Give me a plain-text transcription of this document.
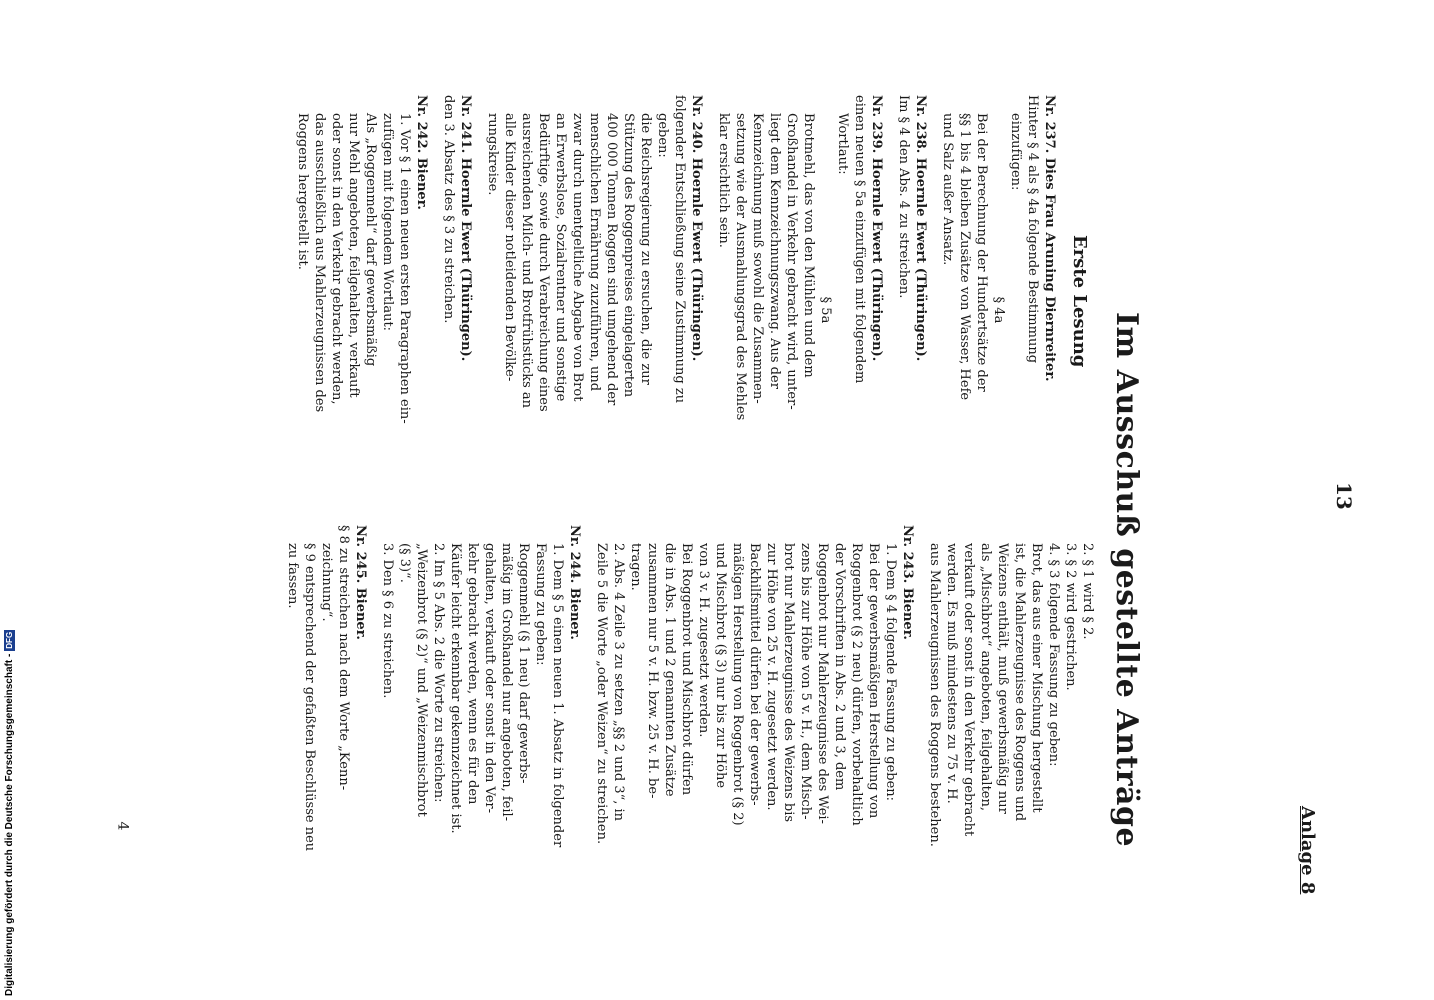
Digitalisierung gefördert durch die Deutsche Forschungsgemeinschaft -DFG
13
Anlage 8
Im Ausschuß gestellte Anträge
Erste Lesung
Nr. 237. Dies Frau Aruning Diernreiter.
Hinter § 4 als § 4a folgende Bestimmung
einzufügen:
§ 4a
Bei der Berechnung der Hundertsätze der
§§ 1 bis 4 bleiben Zusätze von Wasser, Hefe
und Salz außer Ansatz.
Nr. 238. Hoernle Ewert (Thüringen).
Im § 4 den Abs. 4 zu streichen.
Nr. 239. Hoernle Ewert (Thüringen).
einen neuen § 5a einzufügen mit folgendem
Wortlaut:
§ 5a
Brotmehl, das von den Mühlen und dem
Großhandel in Verkehr gebracht wird, unter-
liegt dem Kennzeichnungszwang. Aus der
Kennzeichnung muß sowohl die Zusammen-
setzung wie der Ausmahlungsgrad des Mehles
klar ersichtlich sein.
Nr. 240. Hoernle Ewert (Thüringen).
folgender Entschließung seine Zustimmung zu
geben:
die Reichsregierung zu ersuchen, die zur
Stützung des Roggenpreises eingelagerten
400 000 Tonnen Roggen sind umgehend der
menschlichen Ernährung zuzuführen, und
zwar durch unentgeltliche Abgabe von Brot
an Erwerbslose, Sozialrentner und sonstige
Bedürftige, sowie durch Verabreichung eines
ausreichenden Milch- und Brotfrühstücks an
alle Kinder dieser notleidenden Bevölke-
rungskreise.
Nr. 241. Hoernle Ewert (Thüringen).
den 3. Absatz des § 3 zu streichen.
Nr. 242. Biener.
1. Vor § 1 einen neuen ersten Paragraphen ein-
zufügen mit folgendem Wortlaut:
Als „Roggenmehl“ darf gewerbsmäßig
nur Mehl angeboten, feilgehalten, verkauft
oder sonst in den Verkehr gebracht werden,
das ausschließlich aus Mahlerzeugnissen des
Roggens hergestellt ist.
2. § 1 wird § 2.
3. § 2 wird gestrichen.
4. § 3 folgende Fassung zu geben:
Brot, das aus einer Mischung hergestellt
ist, die Mahlerzeugnisse des Roggens und
Weizens enthält, muß gewerbsmäßig nur
als „Mischbrot“ angeboten, feilgehalten,
verkauft oder sonst in den Verkehr gebracht
werden. Es muß mindestens zu 75 v. H.
aus Mahlerzeugnissen des Roggens bestehen.
Nr. 243. Biener.
1. Dem § 4 folgende Fassung zu geben:
Bei der gewerbsmäßigen Herstellung von
Roggenbrot (§ 2 neu) dürfen, vorbehaltlich
der Vorschriften in Abs. 2 und 3, dem
Roggenbrot nur Mahlerzeugnisse des Wei-
zens bis zur Höhe von 5 v. H., dem Misch-
brot nur Mahlerzeugnisse des Weizens bis
zur Höhe von 25 v. H. zugesetzt werden.
Backhilfsmittel dürfen bei der gewerbs-
mäßigen Herstellung von Roggenbrot (§ 2)
und Mischbrot (§ 3) nur bis zur Höhe
von 3 v. H. zugesetzt werden.
Bei Roggenbrot und Mischbrot dürfen
die in Abs. 1 und 2 genannten Zusätze
zusammen nur 5 v. H. bzw. 25 v. H. be-
tragen.
2. Abs. 4 Zeile 3 zu setzen „§§ 2 und 3“, in
Zeile 5 die Worte „oder Weizen“ zu streichen.
Nr. 244. Biener.
1. Dem § 5 einen neuen 1. Absatz in folgender
Fassung zu geben:
Roggenmehl (§ 1 neu) darf gewerbs-
mäßig im Großhandel nur angeboten, feil-
gehalten, verkauft oder sonst in den Ver-
kehr gebracht werden, wenn es für den
Käufer leicht erkennbar gekennzeichnet ist.
2. Im § 5 Abs. 2 die Worte zu streichen:
„Weizenbrot (§ 2)“ und „Weizenmischbrot
(§ 3)“.
3. Den § 6 zu streichen.
Nr. 245. Biener.
§ 8 zu streichen nach dem Worte „Kenn-
zeichnung“.
§ 9 entsprechend der gefaßten Beschlüsse neu
zu fassen.
4
